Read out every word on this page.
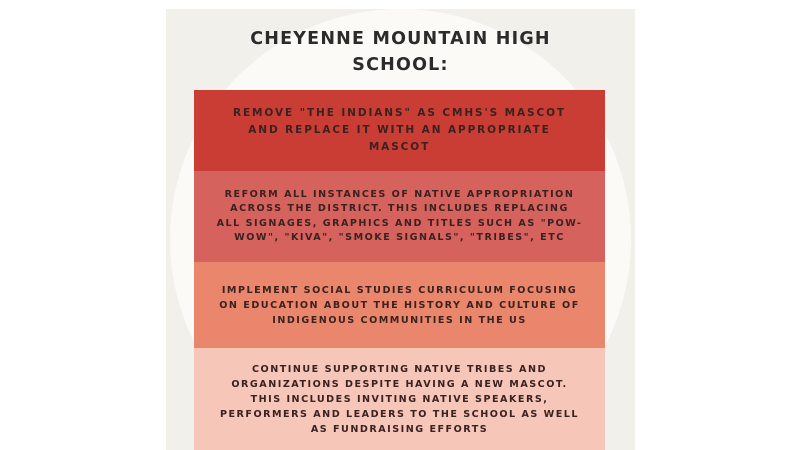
CHEYENNE MOUNTAIN HIGH
SCHOOL:
REMOVE "THE INDIANS" AS CMHS'S MASCOT
AND REPLACE IT WITH AN APPROPRIATE
MASCOT
REFORM ALL INSTANCES OF NATIVE APPROPRIATION
ACROSS THE DISTRICT. THIS INCLUDES REPLACING
ALL SIGNAGES, GRAPHICS AND TITLES SUCH AS "POW-
WOW", "KIVA", "SMOKE SIGNALS", "TRIBES", ETC
IMPLEMENT SOCIAL STUDIES CURRICULUM FOCUSING
ON EDUCATION ABOUT THE HISTORY AND CULTURE OF
INDIGENOUS COMMUNITIES IN THE US
CONTINUE SUPPORTING NATIVE TRIBES AND
ORGANIZATIONS DESPITE HAVING A NEW MASCOT.
THIS INCLUDES INVITING NATIVE SPEAKERS,
PERFORMERS AND LEADERS TO THE SCHOOL AS WELL
AS FUNDRAISING EFFORTS
